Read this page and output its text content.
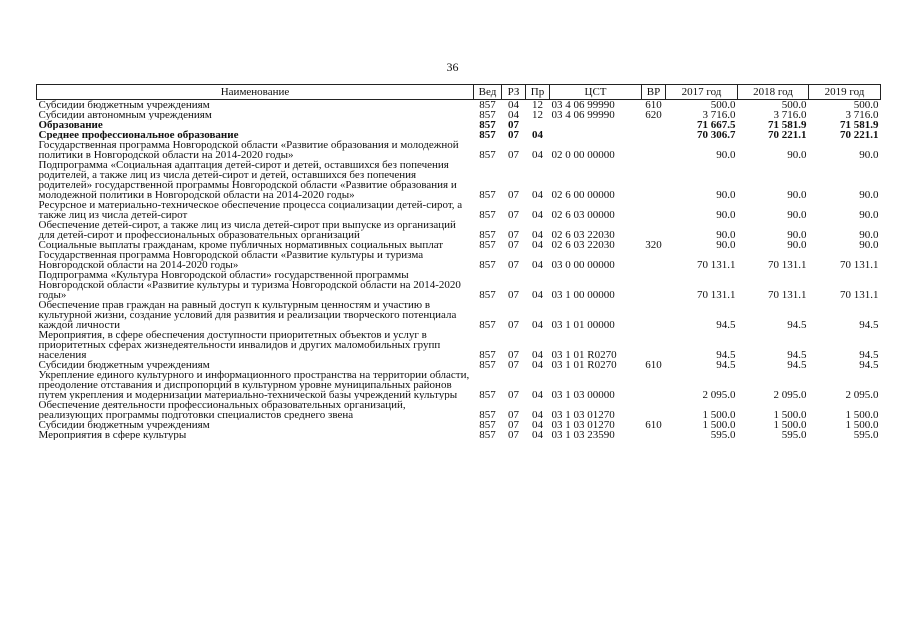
36
Наименование	Вед	РЗ	Пр	ЦСТ	ВР	2017 год	2018 год	2019 год
Субсидии бюджетным учреждениям	857	04	12	03 4 06 99990	610	500.0	500.0	500.0
Субсидии автономным учреждениям	857	04	12	03 4 06 99990	620	3 716.0	3 716.0	3 716.0
Образование	857	07				71 667.5	71 581.9	71 581.9
Среднее профессиональное образование	857	07	04			70 306.7	70 221.1	70 221.1
Государственная программа Новгородской области «Развитие образования и молодежной политики в Новгородской области на 2014-2020 годы»	857	07	04	02 0 00 00000		90.0	90.0	90.0
Подпрограмма «Социальная адаптация детей-сирот и детей, оставшихся без попечения родителей, а также лиц из числа детей-сирот и детей, оставшихся без попечения родителей» государственной программы Новгородской области «Развитие образования и молодежной политики в Новгородской области на 2014-2020 годы»	857	07	04	02 6 00 00000		90.0	90.0	90.0
Ресурсное и материально-техническое обеспечение процесса социализации детей-сирот, а также лиц из числа детей-сирот	857	07	04	02 6 03 00000		90.0	90.0	90.0
Обеспечение детей-сирот, а также лиц из числа детей-сирот при выпуске из организаций для детей-сирот и профессиональных образовательных организаций	857	07	04	02 6 03 22030		90.0	90.0	90.0
Социальные выплаты гражданам, кроме публичных нормативных социальных выплат	857	07	04	02 6 03 22030	320	90.0	90.0	90.0
Государственная программа Новгородской области «Развитие культуры и туризма Новгородской области на 2014-2020 годы»	857	07	04	03 0 00 00000		70 131.1	70 131.1	70 131.1
Подпрограмма «Культура Новгородской области» государственной программы Новгородской области «Развитие культуры и туризма Новгородской области на 2014-2020 годы»	857	07	04	03 1 00 00000		70 131.1	70 131.1	70 131.1
Обеспечение прав граждан на равный доступ к культурным ценностям и участию в культурной жизни, создание условий для развития и реализации творческого потенциала каждой личности	857	07	04	03 1 01 00000		94.5	94.5	94.5
Мероприятия, в сфере обеспечения доступности приоритетных объектов и услуг в приоритетных сферах жизнедеятельности инвалидов и других маломобильных групп населения	857	07	04	03 1 01 R0270		94.5	94.5	94.5
Субсидии бюджетным учреждениям	857	07	04	03 1 01 R0270	610	94.5	94.5	94.5
Укрепление единого культурного и информационного пространства на территории области, преодоление отставания и диспропорций в культурном уровне муниципальных районов путем укрепления и модернизации материально-технической базы учреждений культуры	857	07	04	03 1 03 00000		2 095.0	2 095.0	2 095.0
Обеспечение деятельности профессиональных образовательных организаций, реализующих программы подготовки специалистов среднего звена	857	07	04	03 1 03 01270		1 500.0	1 500.0	1 500.0
Субсидии бюджетным учреждениям	857	07	04	03 1 03 01270	610	1 500.0	1 500.0	1 500.0
Мероприятия в сфере культуры	857	07	04	03 1 03 23590		595.0	595.0	595.0
